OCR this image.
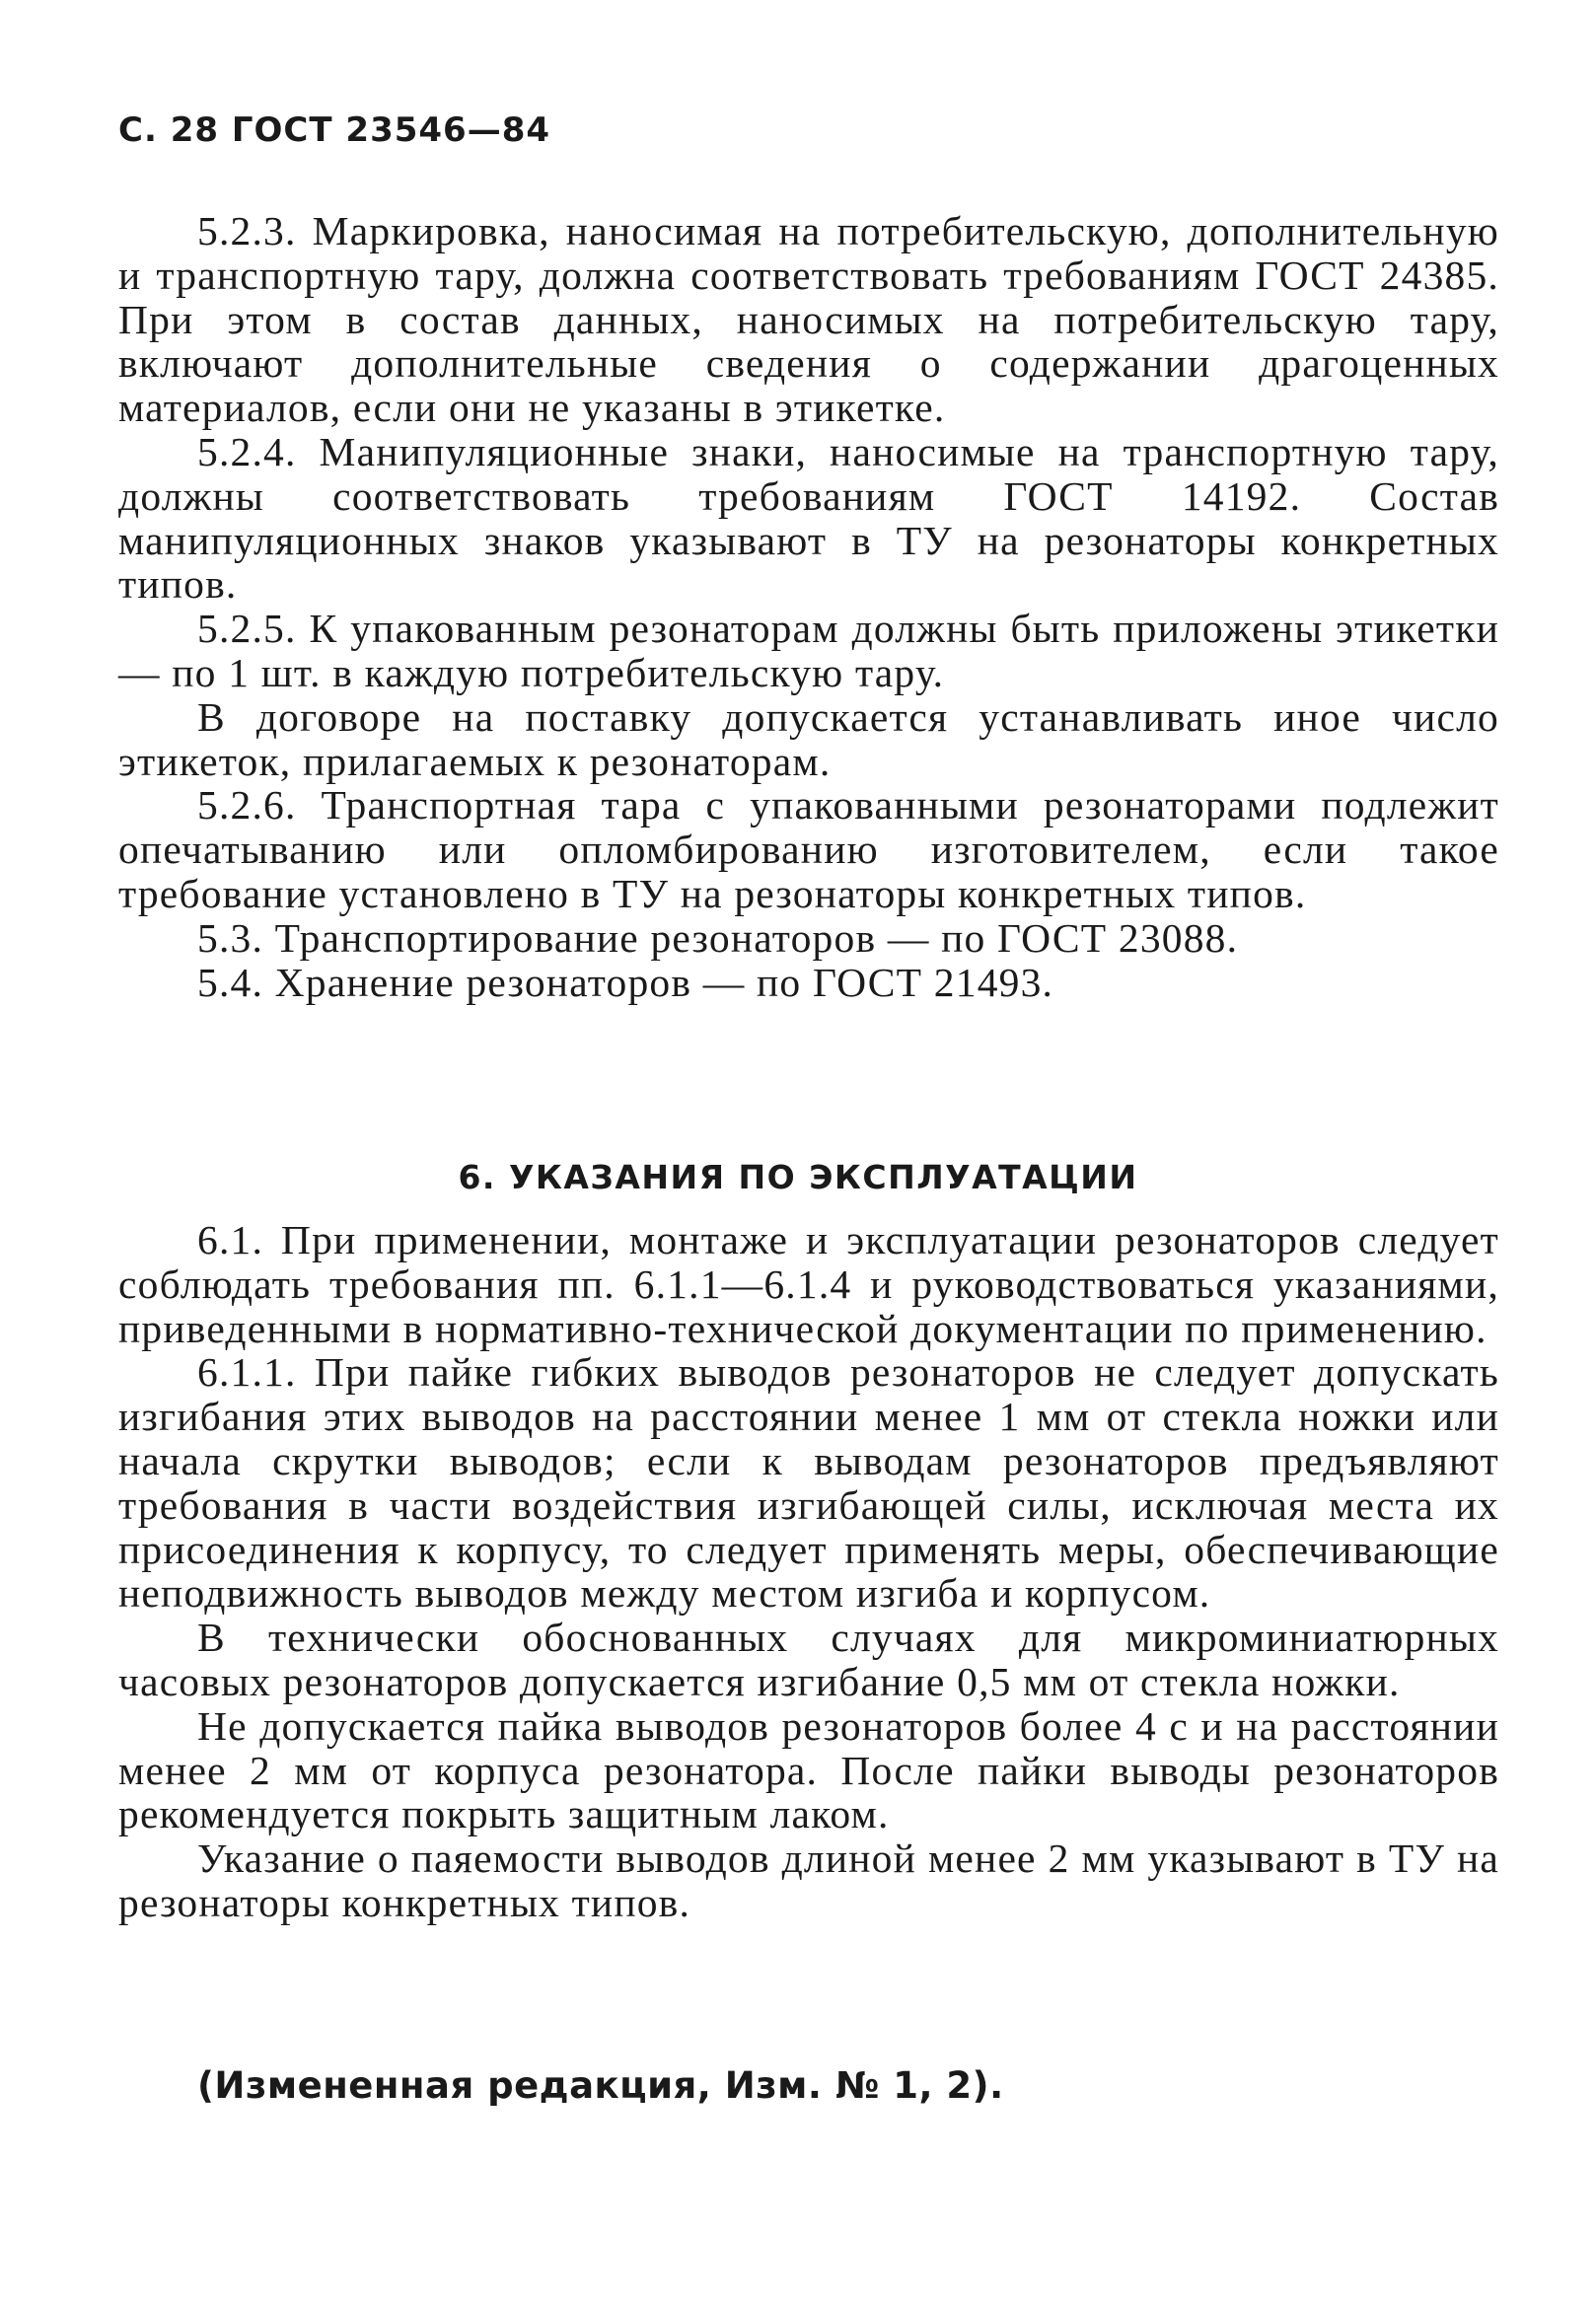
С. 28 ГОСТ 23546—84

5.2.3. Маркировка, наносимая на потребительскую, дополнительную и транспортную тару, должна соответствовать требованиям ГОСТ 24385. При этом в состав данных, наносимых на потребительскую тару, включают дополнительные сведения о содержании драгоценных материалов, если они не указаны в этикетке.

5.2.4. Манипуляционные знаки, наносимые на транспортную тару, должны соответствовать требованиям ГОСТ 14192. Состав манипуляционных знаков указывают в ТУ на резонаторы конкретных типов.

5.2.5. К упакованным резонаторам должны быть приложены этикетки — по 1 шт. в каждую потребительскую тару.

В договоре на поставку допускается устанавливать иное число этикеток, прилагаемых к резонаторам.

5.2.6. Транспортная тара с упакованными резонаторами подлежит опечатыванию или опломбированию изготовителем, если такое требование установлено в ТУ на резонаторы конкретных типов.

5.3. Транспортирование резонаторов — по ГОСТ 23088.

5.4. Хранение резонаторов — по ГОСТ 21493.

6. УКАЗАНИЯ ПО ЭКСПЛУАТАЦИИ

6.1. При применении, монтаже и эксплуатации резонаторов следует соблюдать требования пп. 6.1.1—6.1.4 и руководствоваться указаниями, приведенными в нормативно-технической документации по применению.

6.1.1. При пайке гибких выводов резонаторов не следует допускать изгибания этих выводов на расстоянии менее 1 мм от стекла ножки или начала скрутки выводов; если к выводам резонаторов предъявляют требования в части воздействия изгибающей силы, исключая места их присоединения к корпусу, то следует применять меры, обеспечивающие неподвижность выводов между местом изгиба и корпусом.

В технически обоснованных случаях для микроминиатюрных часовых резонаторов допускается изгибание 0,5 мм от стекла ножки.

Не допускается пайка выводов резонаторов более 4 с и на расстоянии менее 2 мм от корпуса резонатора. После пайки выводы резонаторов рекомендуется покрыть защитным лаком.

Указание о паяемости выводов длиной менее 2 мм указывают в ТУ на резонаторы конкретных типов.

(Измененная редакция, Изм. № 1, 2).
